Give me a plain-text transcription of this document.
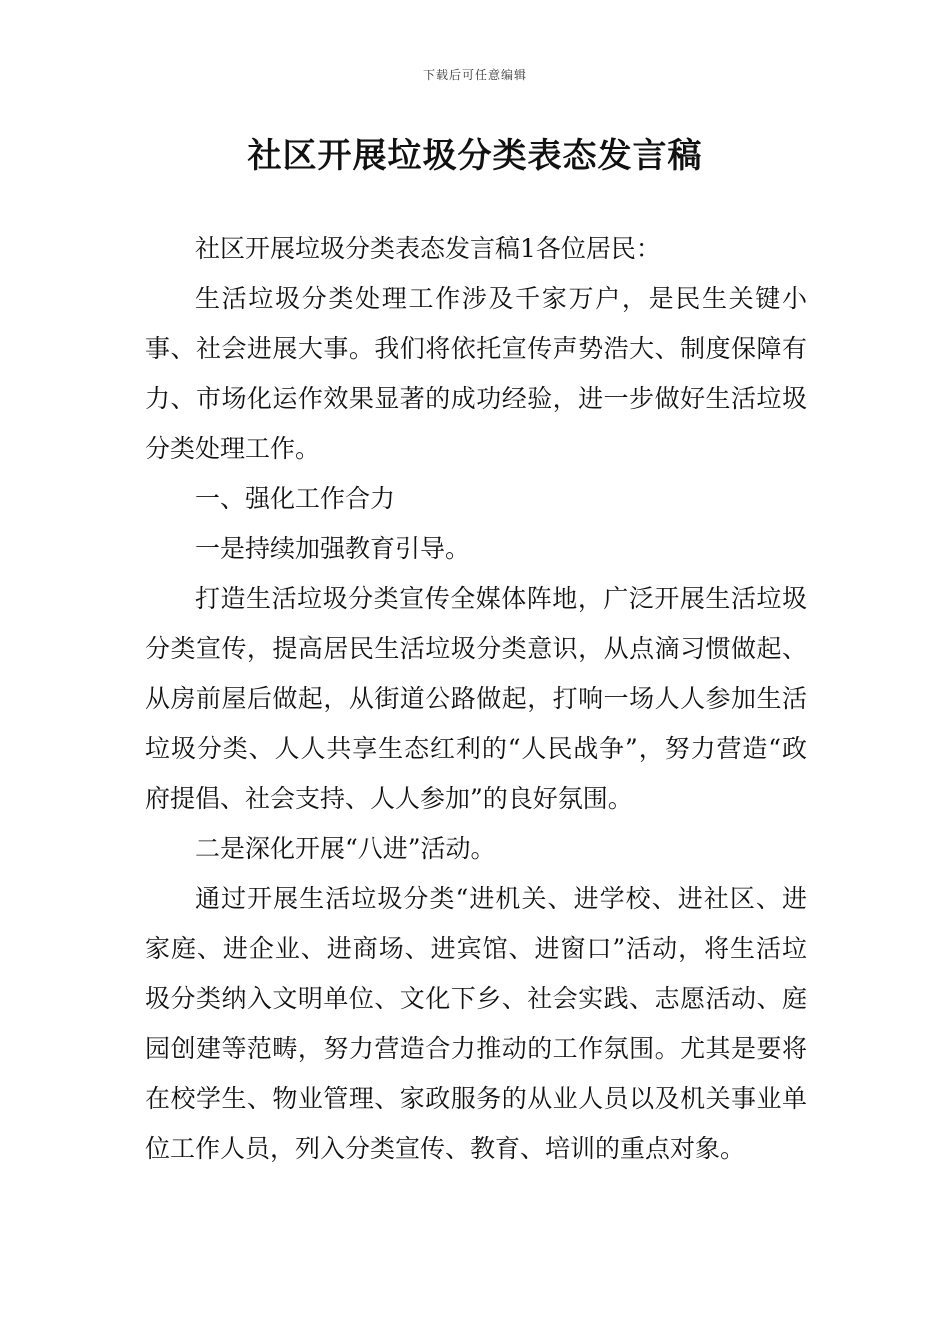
下载后可任意编辑
社区开展垃圾分类表态发言稿

社区开展垃圾分类表态发言稿1各位居民：

生活垃圾分类处理工作涉及千家万户，是民生关键小事、社会进展大事。我们将依托宣传声势浩大、制度保障有力、市场化运作效果显著的成功经验，进一步做好生活垃圾分类处理工作。

一、强化工作合力

一是持续加强教育引导。

打造生活垃圾分类宣传全媒体阵地，广泛开展生活垃圾分类宣传，提高居民生活垃圾分类意识，从点滴习惯做起、从房前屋后做起，从街道公路做起，打响一场人人参加生活垃圾分类、人人共享生态红利的“人民战争”，努力营造“政府提倡、社会支持、人人参加”的良好氛围。

二是深化开展“八进”活动。

通过开展生活垃圾分类“进机关、进学校、进社区、进家庭、进企业、进商场、进宾馆、进窗口”活动，将生活垃圾分类纳入文明单位、文化下乡、社会实践、志愿活动、庭园创建等范畴，努力营造合力推动的工作氛围。尤其是要将在校学生、物业管理、家政服务的从业人员以及机关事业单位工作人员，列入分类宣传、教育、培训的重点对象。
